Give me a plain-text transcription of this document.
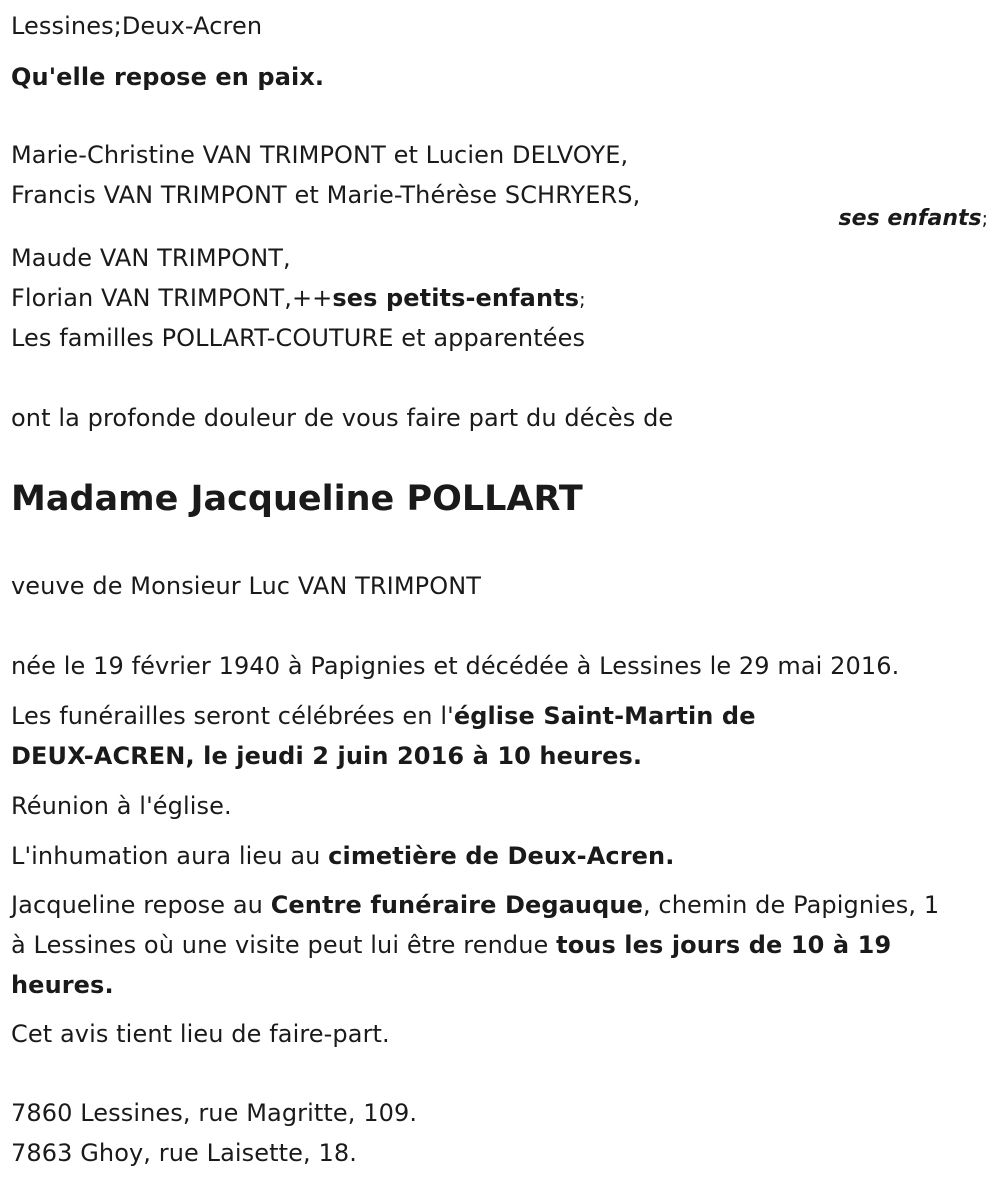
Lessines;Deux-Acren
Qu'elle repose en paix.
Marie-Christine VAN TRIMPONT et Lucien DELVOYE,
Francis VAN TRIMPONT et Marie-Thérèse SCHRYERS,
ses enfants;
Maude VAN TRIMPONT,
Florian VAN TRIMPONT,++ses petits-enfants;
Les familles POLLART-COUTURE et apparentées
ont la profonde douleur de vous faire part du décès de
Madame Jacqueline POLLART
veuve de Monsieur Luc VAN TRIMPONT
née le 19 février 1940 à Papignies et décédée à Lessines le 29 mai 2016.
Les funérailles seront célébrées en l'église Saint-Martin de
DEUX-ACREN, le jeudi 2 juin 2016 à 10 heures.
Réunion à l'église.
L'inhumation aura lieu au cimetière de Deux-Acren.
Jacqueline repose au Centre funéraire Degauque, chemin de Papignies, 1
à Lessines où une visite peut lui être rendue tous les jours de 10 à 19
heures.
Cet avis tient lieu de faire-part.
7860 Lessines, rue Magritte, 109.
7863 Ghoy, rue Laisette, 18.
